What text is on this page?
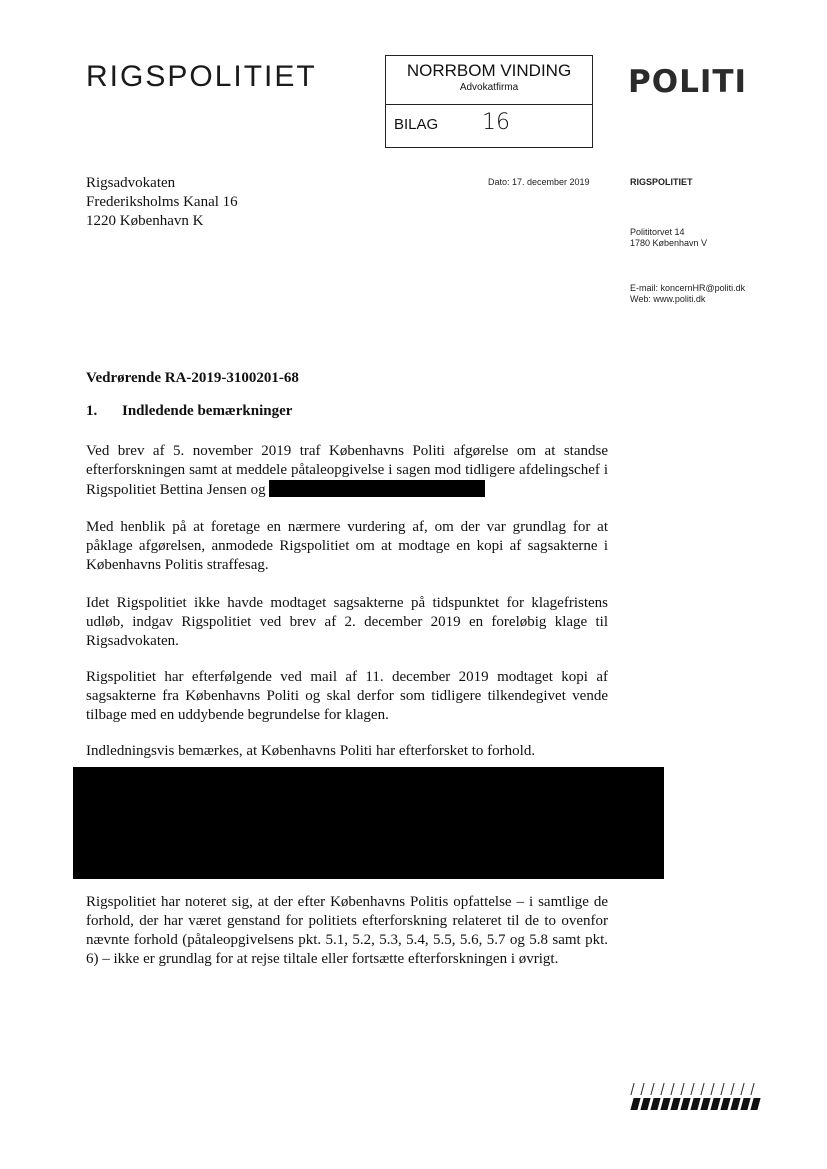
RIGSPOLITIET	NORRBOM VINDING
Advokatfirma
BILAG 16
POLITI
Rigsadvokaten
Frederiksholms Kanal 16
1220 København K
Dato: 17. december 2019	RIGSPOLITIET
Polititorvet 14
1780 København V
E-mail: koncernHR@politi.dk
Web: www.politi.dk
Vedrørende RA-2019-3100201-68
1. Indledende bemærkninger

Ved brev af 5. november 2019 traf Københavns Politi afgørelse om at standse efterforskningen samt at meddele påtaleopgivelse i sagen mod tidligere afdelingschef i Rigspolitiet Bettina Jensen og

Med henblik på at foretage en nærmere vurdering af, om der var grundlag for at påklage afgørelsen, anmodede Rigspolitiet om at modtage en kopi af sagsakterne i Københavns Politis straffesag.

Idet Rigspolitiet ikke havde modtaget sagsakterne på tidspunktet for klagefristens udløb, indgav Rigspolitiet ved brev af 2. december 2019 en foreløbig klage til Rigsadvokaten.

Rigspolitiet har efterfølgende ved mail af 11. december 2019 modtaget kopi af sagsakterne fra Københavns Politi og skal derfor som tidligere tilkendegivet vende tilbage med en uddybende begrundelse for klagen.

Indledningsvis bemærkes, at Københavns Politi har efterforsket to forhold.

Rigspolitiet har noteret sig, at der efter Københavns Politis opfattelse – i samtlige de forhold, der har været genstand for politiets efterforskning relateret til de to ovenfor nævnte forhold (påtaleopgivelsens pkt. 5.1, 5.2, 5.3, 5.4, 5.5, 5.6, 5.7 og 5.8 samt pkt. 6) – ikke er grundlag for at rejse tiltale eller fortsætte efterforskningen i øvrigt.
